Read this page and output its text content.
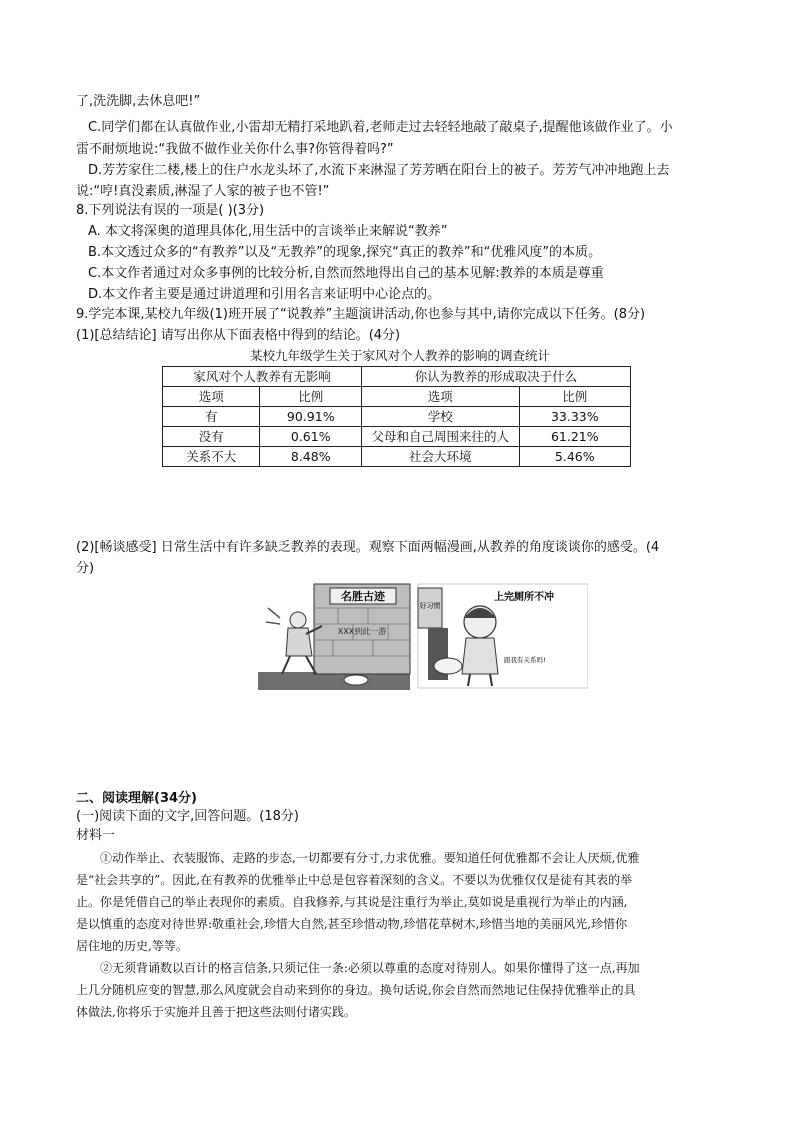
了,洗洗脚,去休息吧!”
C.同学们都在认真做作业,小雷却无精打采地趴着,老师走过去轻轻地敲了敲桌子,提醒他该做作业了。小
雷不耐烦地说:“我做不做作业关你什么事?你管得着吗?”
D.芳芳家住二楼,楼上的住户水龙头坏了,水流下来淋湿了芳芳晒在阳台上的被子。芳芳气冲冲地跑上去
说:“哼!真没素质,淋湿了人家的被子也不管!”
8.下列说法有误的一项是( )(3分)
A. 本文将深奥的道理具体化,用生活中的言谈举止来解说“教养”
B.本文透过众多的“有教养”以及“无教养”的现象,探究“真正的教养”和“优雅风度”的本质。
C.本文作者通过对众多事例的比较分析,自然而然地得出自己的基本见解:教养的本质是尊重
D.本文作者主要是通过讲道理和引用名言来证明中心论点的。
9.学完本课,某校九年级(1)班开展了“说教养”主题演讲活动,你也参与其中,请你完成以下任务。(8分)
(1)[总结结论] 请写出你从下面表格中得到的结论。(4分)
某校九年级学生关于家风对个人教养的影响的调查统计
家风对个人教养有无影响		你认为教养的形成取决于什么	
选项	比例	选项	比例
有	90.91%	学校	33.33%
没有	0.61%	父母和自己周围来往的人	61.21%
关系不大	8.48%	社会大环境	5.46%
(2)[畅谈感受] 日常生活中有许多缺乏教养的表现。观察下面两幅漫画,从教养的角度谈谈你的感受。(4
分)
名胜古迹
XXX到此一游
好习惯
上完厕所不冲
跟我有关系吗!
二、阅读理解(34分)
(一)阅读下面的文字,回答问题。(18分)
材料一
①动作举止、衣装服饰、走路的步态,一切都要有分寸,力求优雅。要知道任何优雅都不会让人厌烦,优雅
是“社会共享的”。因此,在有教养的优雅举止中总是包容着深刻的含义。不要以为优雅仅仅是徒有其表的举
止。你是凭借自己的举止表现你的素质。自我修养,与其说是注重行为举止,莫如说是重视行为举止的内涵,
是以慎重的态度对待世界:敬重社会,珍惜大自然,甚至珍惜动物,珍惜花草树木,珍惜当地的美丽风光,珍惜你
居住地的历史,等等。
②无须背诵数以百计的格言信条,只须记住一条:必须以尊重的态度对待别人。如果你懂得了这一点,再加
上几分随机应变的智慧,那么风度就会自动来到你的身边。换句话说,你会自然而然地记住保持优雅举止的具
体做法,你将乐于实施并且善于把这些法则付诸实践。
